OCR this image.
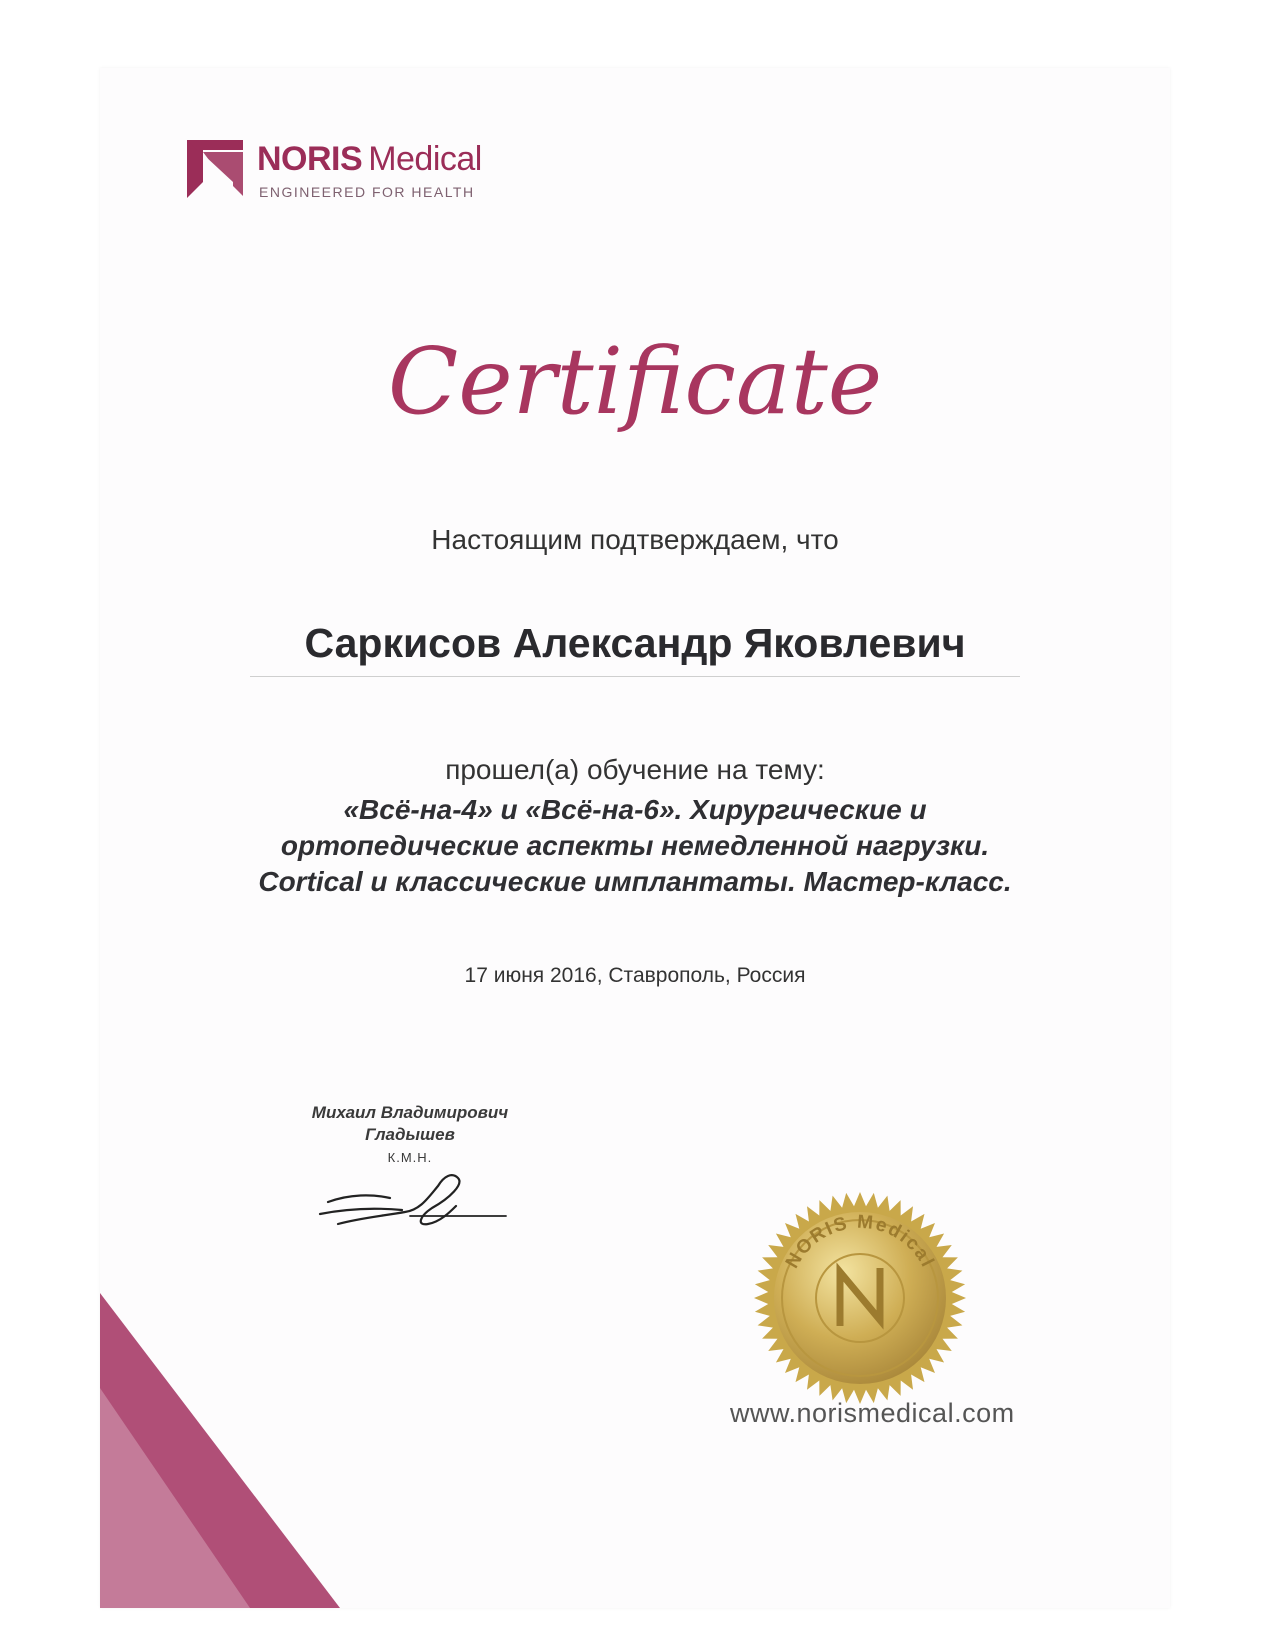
NORIS Medical
ENGINEERED FOR HEALTH
Certificate
Настоящим подтверждаем, что
Саркисов Александр Яковлевич
прошел(а) обучение на тему:
«Всё-на-4» и «Всё-на-6». Хирургические и
ортопедические аспекты немедленной нагрузки.
Cortical и классические имплантаты. Мастер-класс.
17 июня 2016, Ставрополь, Россия
Михаил Владимирович
Гладышев
К.М.Н.
NORIS Medical
www.norismedical.com
